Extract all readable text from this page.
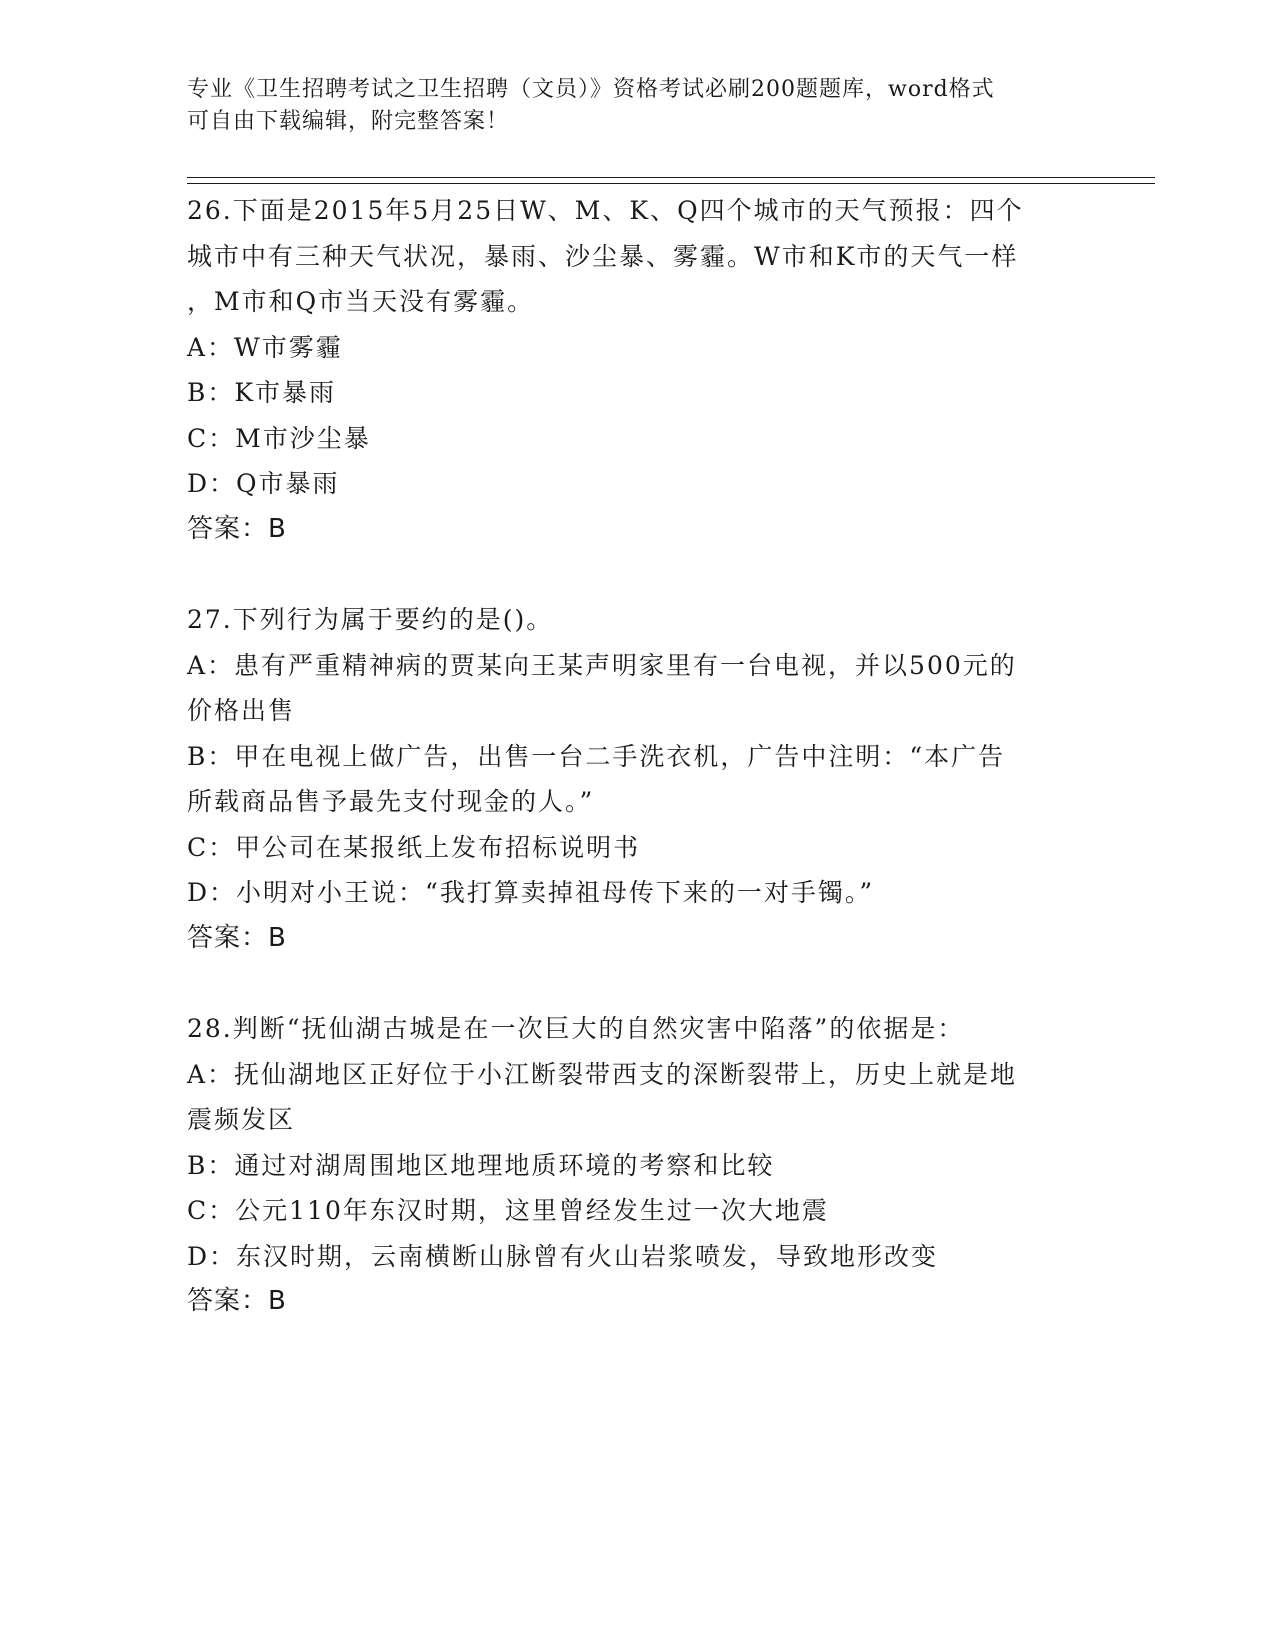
专业《卫生招聘考试之卫生招聘（文员）》资格考试必刷200题题库，word格式
可自由下载编辑，附完整答案！
26.下面是2015年5月25日W、M、K、Q四个城市的天气预报：四个
城市中有三种天气状况，暴雨、沙尘暴、雾霾。W市和K市的天气一样
，M市和Q市当天没有雾霾。
A：W市雾霾
B：K市暴雨
C：M市沙尘暴
D：Q市暴雨
答案：B
27.下列行为属于要约的是()。
A：患有严重精神病的贾某向王某声明家里有一台电视，并以500元的
价格出售
B：甲在电视上做广告，出售一台二手洗衣机，广告中注明：“本广告
所载商品售予最先支付现金的人。”
C：甲公司在某报纸上发布招标说明书
D：小明对小王说：“我打算卖掉祖母传下来的一对手镯。”
答案：B
28.判断“抚仙湖古城是在一次巨大的自然灾害中陷落”的依据是：
A：抚仙湖地区正好位于小江断裂带西支的深断裂带上，历史上就是地
震频发区
B：通过对湖周围地区地理地质环境的考察和比较
C：公元110年东汉时期，这里曾经发生过一次大地震
D：东汉时期，云南横断山脉曾有火山岩浆喷发，导致地形改变
答案：B
